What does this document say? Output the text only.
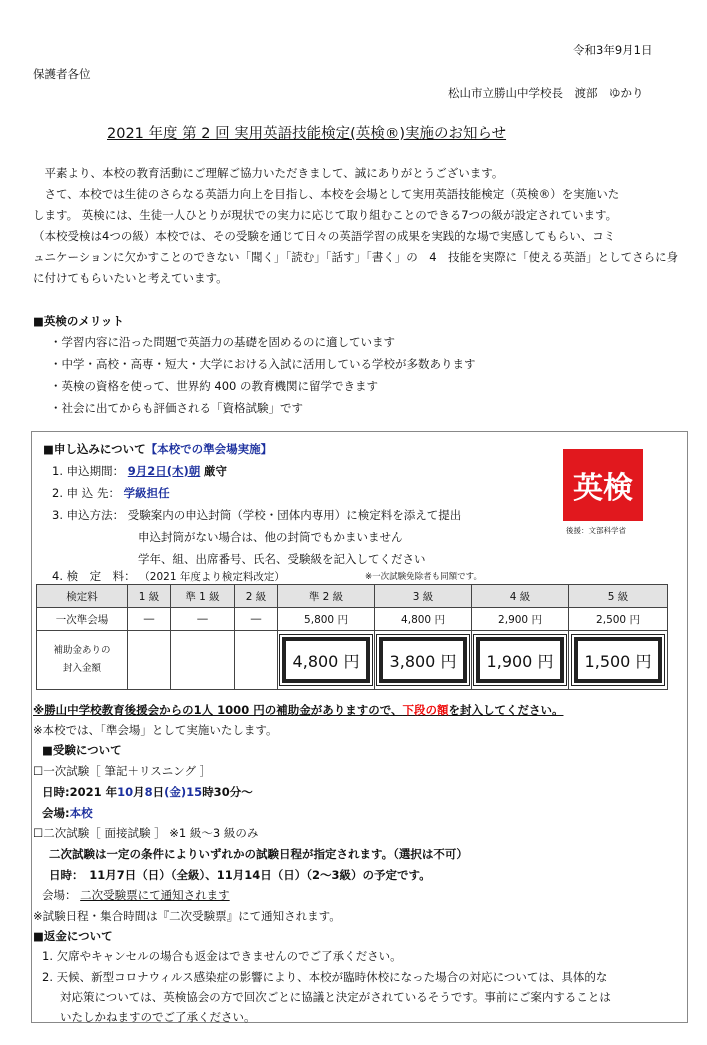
令和3年9月1日
保護者各位
松山市立勝山中学校長　渡部　ゆかり
2021 年度 第 2 回 実用英語技能検定(英検®)実施のお知らせ
　平素より、本校の教育活動にご理解ご協力いただきまして、誠にありがとうございます。
　さて、本校では生徒のさらなる英語力向上を目指し、本校を会場として実用英語技能検定（英検®）を実施いた
します。 英検には、生徒一人ひとりが現状での実力に応じて取り組むことのできる7つの級が設定されています。
（本校受検は4つの級）本校では、その受験を通じて日々の英語学習の成果を実践的な場で実感してもらい、コミ
ュニケーションに欠かすことのできない「聞く」「読む」「話す」「書く」の　4　技能を実際に「使える英語」としてさらに身
に付けてもらいたいと考えています。
■英検のメリット
・学習内容に沿った問題で英語力の基礎を固めるのに適しています
・中学・高校・高専・短大・大学における入試に活用している学校が多数あります
・英検の資格を使って、世界約 400 の教育機関に留学できます
・社会に出てからも評価される「資格試験」です
■申し込みについて【本校での準会場実施】
1. 申込期間： 9月2日(木)朝 厳守
2. 申 込 先： 学級担任
3. 申込方法： 受験案内の申込封筒（学校・団体内専用）に検定料を添えて提出
申込封筒がない場合は、他の封筒でもかまいません
学年、組、出席番号、氏名、受験級を記入してください
4. 検　定　料： （2021 年度より検定料改定）	※一次試験免除者も同額です。
英検
後援：文部科学省
検定料	1 級	準 1 級	2 級	準 2 級	3 級	4 級	5 級
一次準会場	―	―	―	5,800 円	4,800 円	2,900 円	2,500 円

補助金ありの
封入金額				4,800 円	3,800 円	1,900 円	1,500 円
※勝山中学校教育後援会からの1人 1000 円の補助金がありますので、下段の額を封入してください。
※本校では、「準会場」として実施いたします。
■受験について
☐一次試験［ 筆記＋リスニング ］
日時:2021 年10月8日(金)15時30分～
会場:本校
☐二次試験［ 面接試験 ］ ※1 級～3 級のみ
二次試験は一定の条件によりいずれかの試験日程が指定されます。（選択は不可）
日時：　11月7日（日）（全級）、11月14日（日）（2～3級）の予定です。
会場： 二次受験票にて通知されます
※試験日程・集合時間は『二次受験票』にて通知されます。
■返金について
1. 欠席やキャンセルの場合も返金はできませんのでご了承ください。
2. 天候、新型コロナウィルス感染症の影響により、本校が臨時休校になった場合の対応については、具体的な
対応策については、英検協会の方で回次ごとに協議と決定がされているそうです。事前にご案内することは
いたしかねますのでご了承ください。
